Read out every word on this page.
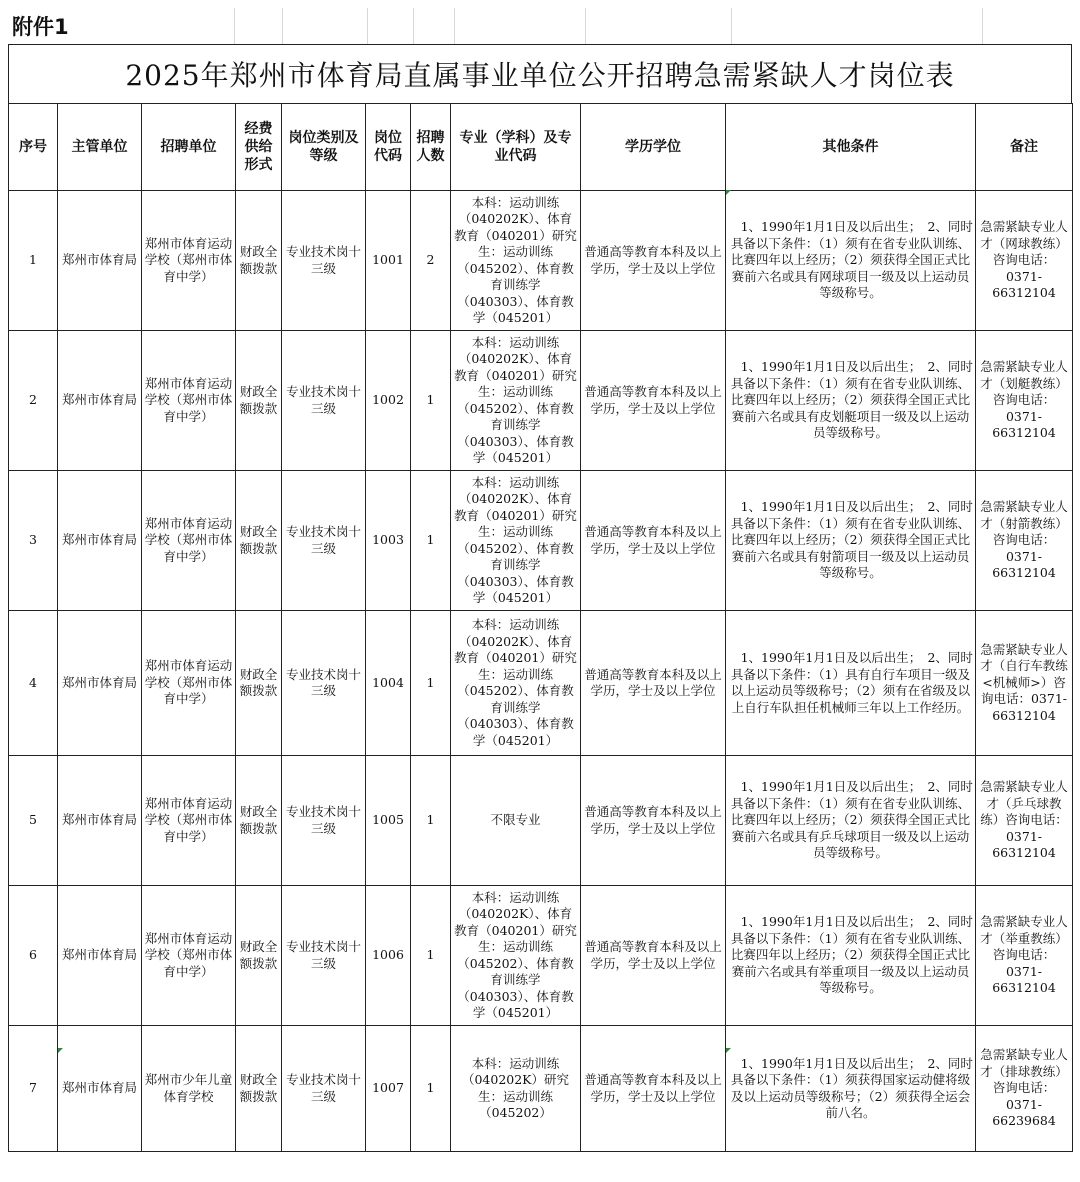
附件1
2025年郑州市体育局直属事业单位公开招聘急需紧缺人才岗位表
序号	主管单位	招聘单位	经费供给形式	岗位类别及等级	岗位代码	招聘人数	专业（学科）及专业代码	学历学位	其他条件	备注
1	郑州市体育局	郑州市体育运动学校（郑州市体育中学）	财政全额拨款	专业技术岗十三级	1001	2	本科：运动训练（040202K）、体育教育（040201）研究生：运动训练（045202）、体育教育训练学（040303）、体育教学（045201）	普通高等教育本科及以上学历，学士及以上学位	　1、1990年1月1日及以后出生；　2、同时具备以下条件：（1）须有在省专业队训练、比赛四年以上经历；（2）须获得全国正式比赛前六名或具有网球项目一级及以上运动员等级称号。	急需紧缺专业人才（网球教练）咨询电话：0371-66312104
2	郑州市体育局	郑州市体育运动学校（郑州市体育中学）	财政全额拨款	专业技术岗十三级	1002	1	本科：运动训练（040202K）、体育教育（040201）研究生：运动训练（045202）、体育教育训练学（040303）、体育教学（045201）	普通高等教育本科及以上学历，学士及以上学位	　1、1990年1月1日及以后出生；　2、同时具备以下条件：（1）须有在省专业队训练、比赛四年以上经历；（2）须获得全国正式比赛前六名或具有皮划艇项目一级及以上运动员等级称号。	急需紧缺专业人才（划艇教练）咨询电话：0371-66312104
3	郑州市体育局	郑州市体育运动学校（郑州市体育中学）	财政全额拨款	专业技术岗十三级	1003	1	本科：运动训练（040202K）、体育教育（040201）研究生：运动训练（045202）、体育教育训练学（040303）、体育教学（045201）	普通高等教育本科及以上学历，学士及以上学位	　1、1990年1月1日及以后出生；　2、同时具备以下条件：（1）须有在省专业队训练、比赛四年以上经历；（2）须获得全国正式比赛前六名或具有射箭项目一级及以上运动员等级称号。	急需紧缺专业人才（射箭教练）咨询电话：0371-66312104
4	郑州市体育局	郑州市体育运动学校（郑州市体育中学）	财政全额拨款	专业技术岗十三级	1004	1	本科：运动训练（040202K）、体育教育（040201）研究生：运动训练（045202）、体育教育训练学（040303）、体育教学（045201）	普通高等教育本科及以上学历，学士及以上学位	　1、1990年1月1日及以后出生；　2、同时具备以下条件：（1）具有自行车项目一级及以上运动员等级称号；（2）须有在省级及以上自行车队担任机械师三年以上工作经历。	急需紧缺专业人才（自行车教练<机械师>）咨询电话：0371-66312104
5	郑州市体育局	郑州市体育运动学校（郑州市体育中学）	财政全额拨款	专业技术岗十三级	1005	1	不限专业	普通高等教育本科及以上学历，学士及以上学位	　1、1990年1月1日及以后出生；　2、同时具备以下条件：（1）须有在省专业队训练、比赛四年以上经历；（2）须获得全国正式比赛前六名或具有乒乓球项目一级及以上运动员等级称号。	急需紧缺专业人才（乒乓球教练）咨询电话：0371-66312104
6	郑州市体育局	郑州市体育运动学校（郑州市体育中学）	财政全额拨款	专业技术岗十三级	1006	1	本科：运动训练（040202K）、体育教育（040201）研究生：运动训练（045202）、体育教育训练学（040303）、体育教学（045201）	普通高等教育本科及以上学历，学士及以上学位	　1、1990年1月1日及以后出生；　2、同时具备以下条件：（1）须有在省专业队训练、比赛四年以上经历；（2）须获得全国正式比赛前六名或具有举重项目一级及以上运动员等级称号。	急需紧缺专业人才（举重教练）咨询电话：0371-66312104
7	郑州市体育局	郑州市少年儿童体育学校	财政全额拨款	专业技术岗十三级	1007	1	本科：运动训练（040202K）研究生：运动训练（045202）	普通高等教育本科及以上学历，学士及以上学位	　1、1990年1月1日及以后出生；　2、同时具备以下条件：（1）须获得国家运动健将级及以上运动员等级称号；（2）须获得全运会前八名。	急需紧缺专业人才（排球教练）咨询电话：0371-66239684
